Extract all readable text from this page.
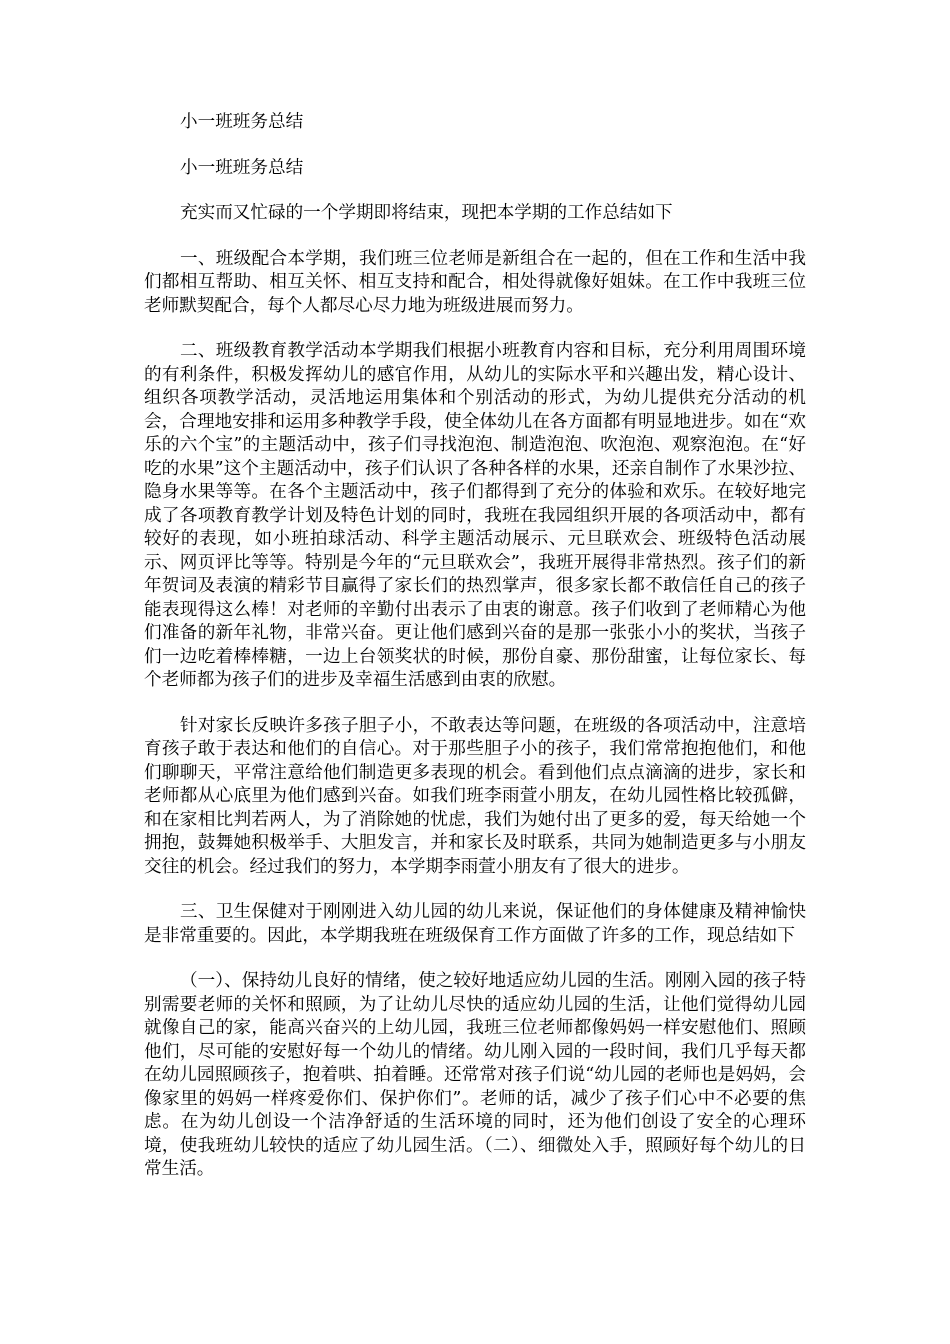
小一班班务总结

小一班班务总结

充实而又忙碌的一个学期即将结束，现把本学期的工作总结如下

一、班级配合本学期，我们班三位老师是新组合在一起的，但在工作和生活中我们都相互帮助、相互关怀、相互支持和配合，相处得就像好姐妹。在工作中我班三位老师默契配合，每个人都尽心尽力地为班级进展而努力。

二、班级教育教学活动本学期我们根据小班教育内容和目标，充分利用周围环境的有利条件，积极发挥幼儿的感官作用，从幼儿的实际水平和兴趣出发，精心设计、组织各项教学活动，灵活地运用集体和个别活动的形式，为幼儿提供充分活动的机会，合理地安排和运用多种教学手段，使全体幼儿在各方面都有明显地进步。如在“欢乐的六个宝”的主题活动中，孩子们寻找泡泡、制造泡泡、吹泡泡、观察泡泡。在“好吃的水果”这个主题活动中，孩子们认识了各种各样的水果，还亲自制作了水果沙拉、隐身水果等等。在各个主题活动中，孩子们都得到了充分的体验和欢乐。在较好地完成了各项教育教学计划及特色计划的同时，我班在我园组织开展的各项活动中，都有较好的表现，如小班拍球活动、科学主题活动展示、元旦联欢会、班级特色活动展示、网页评比等等。特别是今年的“元旦联欢会”，我班开展得非常热烈。孩子们的新年贺词及表演的精彩节目赢得了家长们的热烈掌声，很多家长都不敢信任自己的孩子能表现得这么棒！对老师的辛勤付出表示了由衷的谢意。孩子们收到了老师精心为他们准备的新年礼物，非常兴奋。更让他们感到兴奋的是那一张张小小的奖状，当孩子们一边吃着棒棒糖，一边上台领奖状的时候，那份自豪、那份甜蜜，让每位家长、每个老师都为孩子们的进步及幸福生活感到由衷的欣慰。

针对家长反映许多孩子胆子小，不敢表达等问题，在班级的各项活动中，注意培育孩子敢于表达和他们的自信心。对于那些胆子小的孩子，我们常常抱抱他们，和他们聊聊天，平常注意给他们制造更多表现的机会。看到他们点点滴滴的进步，家长和老师都从心底里为他们感到兴奋。如我们班李雨萱小朋友，在幼儿园性格比较孤僻，和在家相比判若两人，为了消除她的忧虑，我们为她付出了更多的爱，每天给她一个拥抱，鼓舞她积极举手、大胆发言，并和家长及时联系，共同为她制造更多与小朋友交往的机会。经过我们的努力，本学期李雨萱小朋友有了很大的进步。

三、卫生保健对于刚刚进入幼儿园的幼儿来说，保证他们的身体健康及精神愉快是非常重要的。因此，本学期我班在班级保育工作方面做了许多的工作，现总结如下

（一）、保持幼儿良好的情绪，使之较好地适应幼儿园的生活。刚刚入园的孩子特别需要老师的关怀和照顾，为了让幼儿尽快的适应幼儿园的生活，让他们觉得幼儿园就像自己的家，能高兴奋兴的上幼儿园，我班三位老师都像妈妈一样安慰他们、照顾他们，尽可能的安慰好每一个幼儿的情绪。幼儿刚入园的一段时间，我们几乎每天都在幼儿园照顾孩子，抱着哄、拍着睡。还常常对孩子们说“幼儿园的老师也是妈妈，会像家里的妈妈一样疼爱你们、保护你们”。老师的话，减少了孩子们心中不必要的焦虑。在为幼儿创设一个洁净舒适的生活环境的同时，还为他们创设了安全的心理环境，使我班幼儿较快的适应了幼儿园生活。（二）、细微处入手，照顾好每个幼儿的日常生活。
